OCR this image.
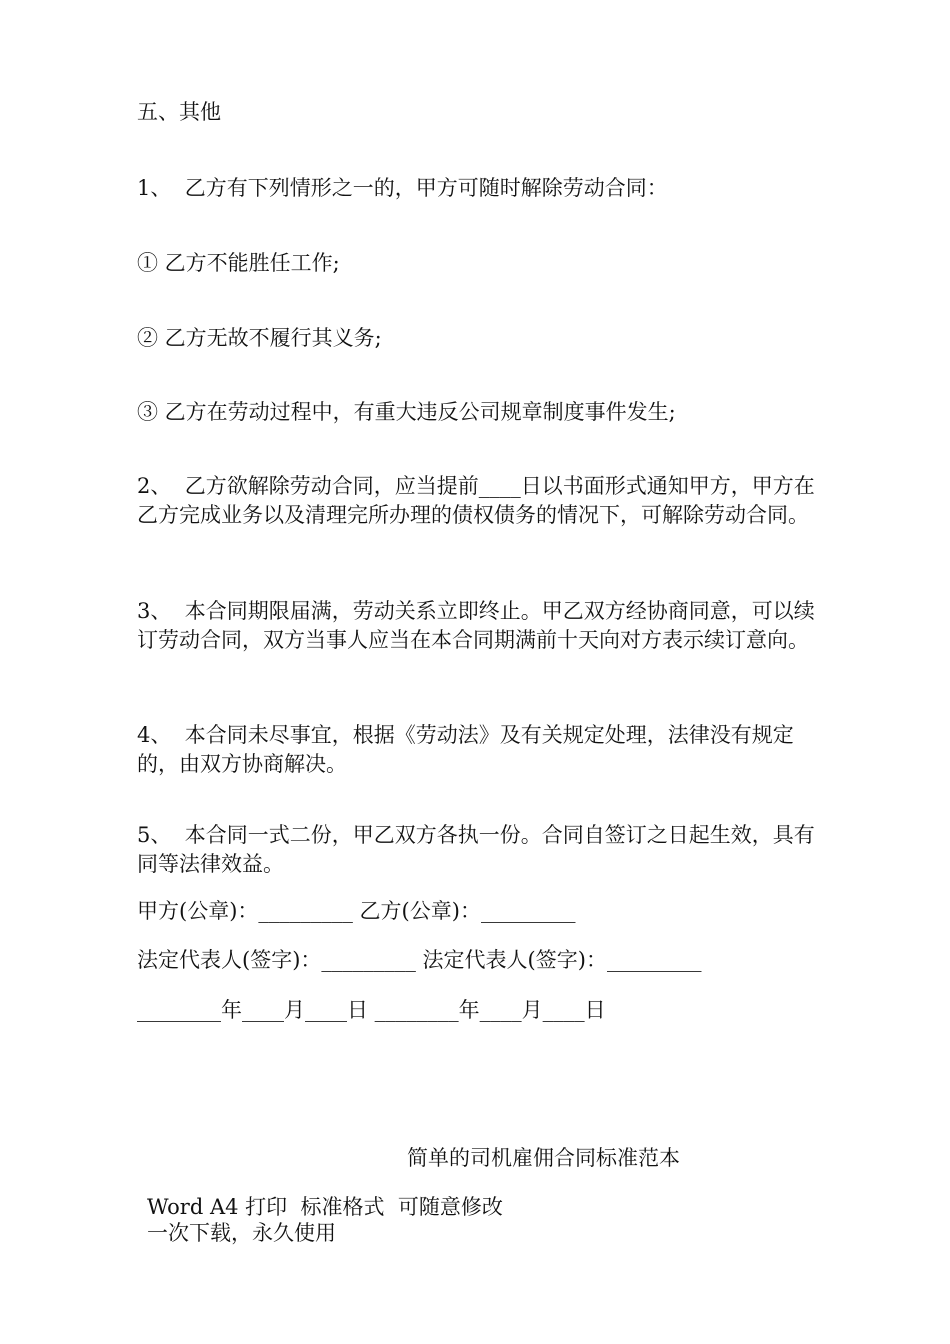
五、其他

1、  乙方有下列情形之一的，甲方可随时解除劳动合同：

① 乙方不能胜任工作;

② 乙方无故不履行其义务;

③ 乙方在劳动过程中，有重大违反公司规章制度事件发生;

2、  乙方欲解除劳动合同，应当提前____日以书面形式通知甲方，甲方在乙方完成业务以及清理完所办理的债权债务的情况下，可解除劳动合同。

3、  本合同期限届满，劳动关系立即终止。甲乙双方经协商同意，可以续订劳动合同，双方当事人应当在本合同期满前十天向对方表示续订意向。

4、  本合同未尽事宜，根据《劳动法》及有关规定处理，法律没有规定的，由双方协商解决。

5、  本合同一式二份，甲乙双方各执一份。合同自签订之日起生效，具有同等法律效益。

甲方(公章)：_________ 乙方(公章)：_________

法定代表人(签字)：_________ 法定代表人(签字)：_________

________年____月____日 ________年____月____日

简单的司机雇佣合同标准范本
Word A4 打印  标准格式  可随意修改
一次下载，永久使用
